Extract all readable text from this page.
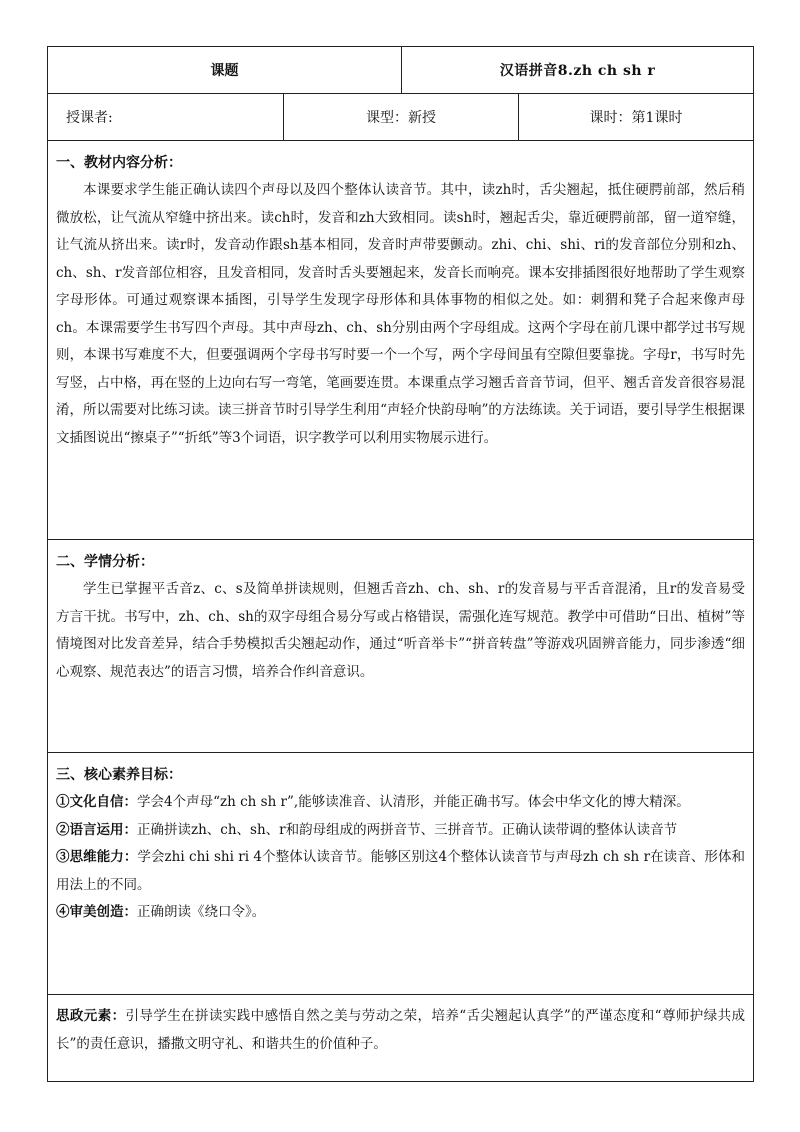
课题		汉语拼音8.zh ch sh r	
授课者:	课型：新授		课时：第1课时

一、教材内容分析：

本课要求学生能正确认读四个声母以及四个整体认读音节。其中，读zh时，舌尖翘起，抵住硬腭前部，然后稍微放松，让气流从窄缝中挤出来。读ch时，发音和zh大致相同。读sh时，翘起舌尖，靠近硬腭前部，留一道窄缝，让气流从挤出来。读r时，发音动作跟sh基本相同，发音时声带要颤动。zhi、chi、shi、ri的发音部位分别和zh、ch、sh、r发音部位相容，且发音相同，发音时舌头要翘起来，发音长而响亮。课本安排插图很好地帮助了学生观察字母形体。可通过观察课本插图，引导学生发现字母形体和具体事物的相似之处。如：刺猬和凳子合起来像声母ch。本课需要学生书写四个声母。其中声母zh、ch、sh分别由两个字母组成。这两个字母在前几课中都学过书写规则，本课书写难度不大，但要强调两个字母书写时要一个一个写，两个字母间虽有空隙但要靠拢。字母r，书写时先写竖，占中格，再在竖的上边向右写一弯笔，笔画要连贯。本课重点学习翘舌音音节词，但平、翘舌音发音很容易混淆，所以需要对比练习读。读三拼音节时引导学生利用“声轻介快韵母响”的方法练读。关于词语，要引导学生根据课文插图说出“擦桌子”“折纸”等3个词语，识字教学可以利用实物展示进行。			

二、学情分析：

学生已掌握平舌音z、c、s及简单拼读规则，但翘舌音zh、ch、sh、r的发音易与平舌音混淆，且r的发音易受方言干扰。书写中，zh、ch、sh的双字母组合易分写或占格错误，需强化连写规范。教学中可借助“日出、植树”等情境图对比发音差异，结合手势模拟舌尖翘起动作，通过“听音举卡”“拼音转盘”等游戏巩固辨音能力，同步渗透“细心观察、规范表达”的语言习惯，培养合作纠音意识。			

三、核心素养目标：

①文化自信：学会4个声母“zh ch sh r”,能够读准音、认清形，并能正确书写。体会中华文化的博大精深。

②语言运用：正确拼读zh、ch、sh、r和韵母组成的两拼音节、三拼音节。正确认读带调的整体认读音节

③思维能力：学会zhi chi shi ri 4个整体认读音节。能够区别这4个整体认读音节与声母zh ch sh r在读音、形体和用法上的不同。

④审美创造：正确朗读《绕口令》。			

思政元素：引导学生在拼读实践中感悟自然之美与劳动之荣，培养“舌尖翘起认真学”的严谨态度和“尊师护绿共成长”的责任意识，播撒文明守礼、和谐共生的价值种子。			
